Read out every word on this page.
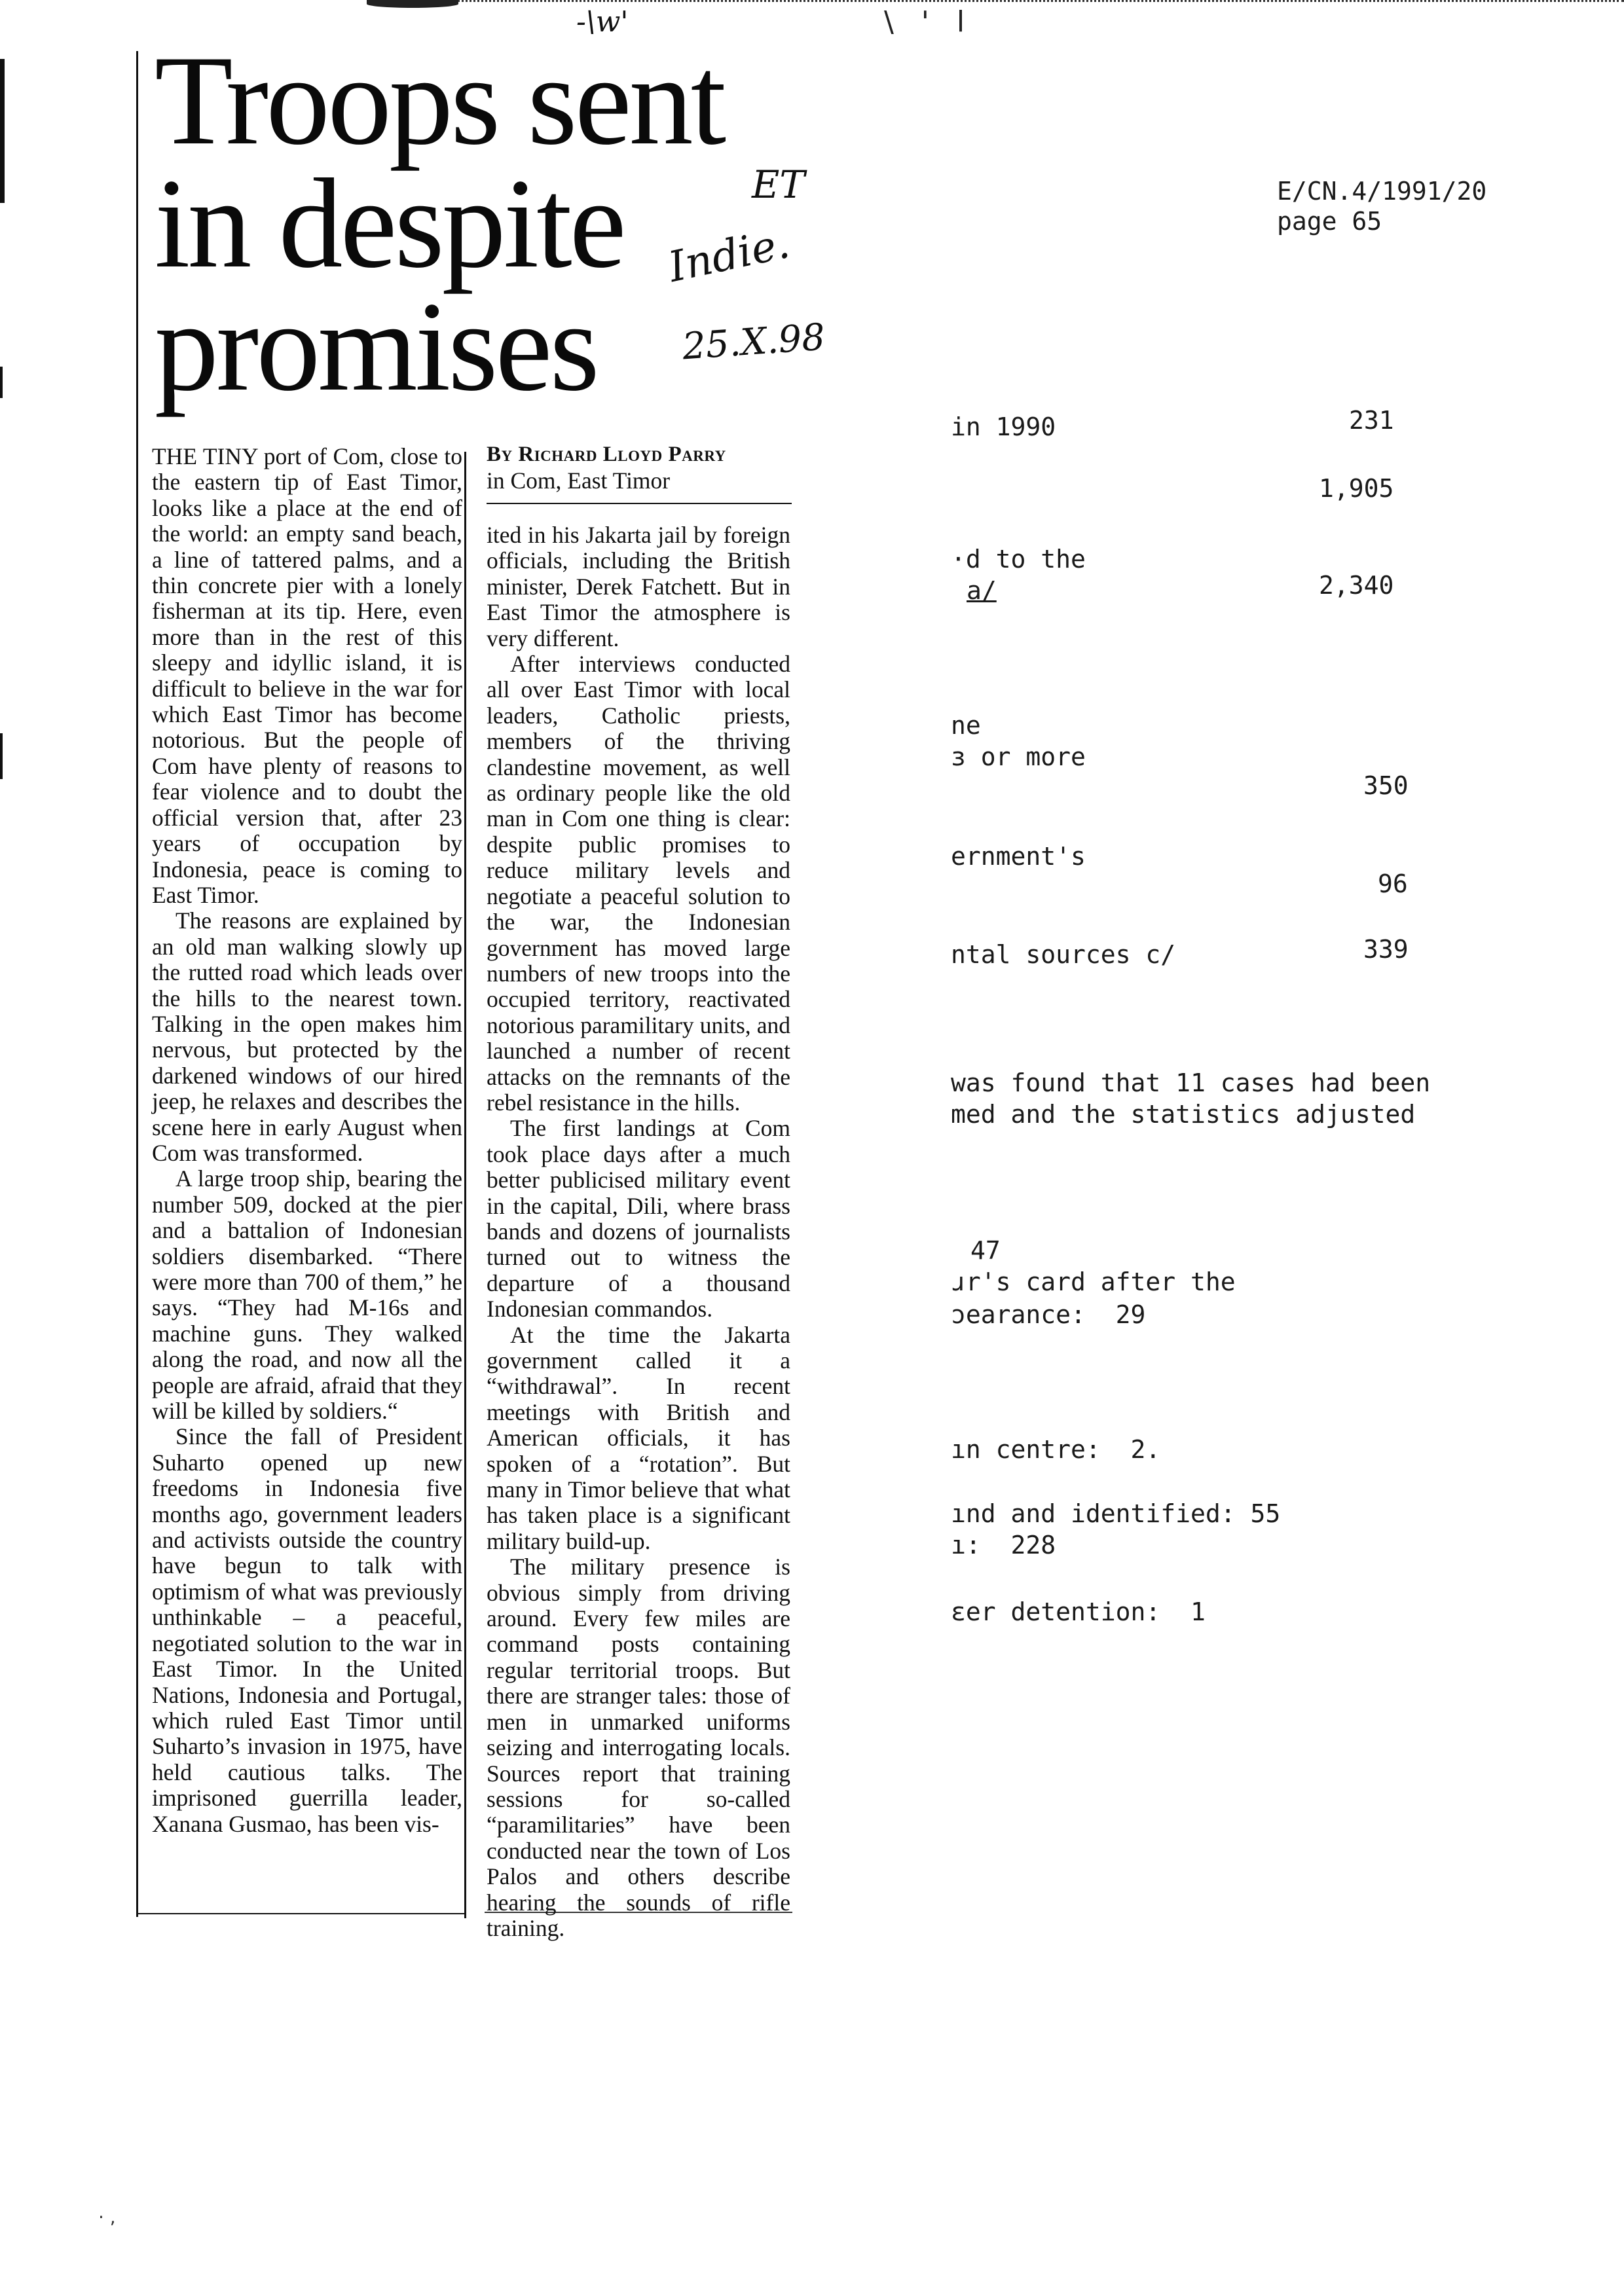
-\w'	\ ' l
Troops sent
in despite
promises
ET
Indie.
25.X.98
By Richard Lloyd Parry
in Com, East Timor

THE TINY port of Com, close to the eastern tip of East Timor, looks like a place at the end of the world: an empty sand beach, a line of tattered palms, and a thin concrete pier with a lonely fisherman at its tip. Here, even more than in the rest of this sleepy and idyllic island, it is difficult to believe in the war for which East Timor has become notorious. But the people of Com have plenty of reasons to fear violence and to doubt the official version that, after 23 years of occupation by Indonesia, peace is coming to East Timor.

The reasons are explained by an old man walking slowly up the rutted road which leads over the hills to the nearest town. Talking in the open makes him nervous, but protected by the darkened windows of our hired jeep, he relaxes and describes the scene here in early August when Com was transformed.

A large troop ship, bearing the number 509, docked at the pier and a battalion of Indonesian soldiers disembarked. “There were more than 700 of them,” he says. “They had M-16s and machine guns. They walked along the road, and now all the people are afraid, afraid that they will be killed by soldiers.“

Since the fall of President Suharto opened up new freedoms in Indonesia five months ago, government leaders and activists outside the country have begun to talk with optimism of what was previously unthinkable – a peaceful, negotiated solution to the war in East Timor. In the United Nations, Indonesia and Portugal, which ruled East Timor until Suharto’s invasion in 1975, have held cautious talks. The imprisoned guerrilla leader, Xanana Gusmao, has been vis-

ited in his Jakarta jail by foreign officials, including the British minister, Derek Fatchett. But in East Timor the atmosphere is very different.

After interviews conducted all over East Timor with local leaders, Catholic priests, members of the thriving clandestine movement, as well as ordinary people like the old man in Com one thing is clear: despite public promises to reduce military levels and negotiate a peaceful solution to the war, the Indonesian government has moved large numbers of new troops into the occupied territory, reactivated notorious paramilitary units, and launched a number of recent attacks on the remnants of the rebel resistance in the hills.

The first landings at Com took place days after a much better publicised military event in the capital, Dili, where brass bands and dozens of journalists turned out to witness the departure of a thousand Indonesian commandos.

At the time the Jakarta government called it a “withdrawal”. In recent meetings with British and American officials, it has spoken of a “rotation”. But many in Timor believe that what has taken place is a significant military build-up.

The military presence is obvious simply from driving around. Every few miles are command posts containing regular territorial troops. But there are stranger tales: those of men in unmarked uniforms seizing and interrogating locals. Sources report that training sessions for so-called “paramilitaries” have been conducted near the town of Los Palos and others describe hearing the sounds of rifle training.

E/CN.4/1991/20
page 65
in 1990	231
1,905
·d to the
a/	2,340
ne
ɜ or more
350
ernment's
96
ntal sources c/	339
was found that 11 cases had been
med and the statistics adjusted
47
ɹr's card after the
ɔearance:  29
ın centre:  2.
ınd and identified: 55
ı:  228
ɛer detention:  1
· ,
